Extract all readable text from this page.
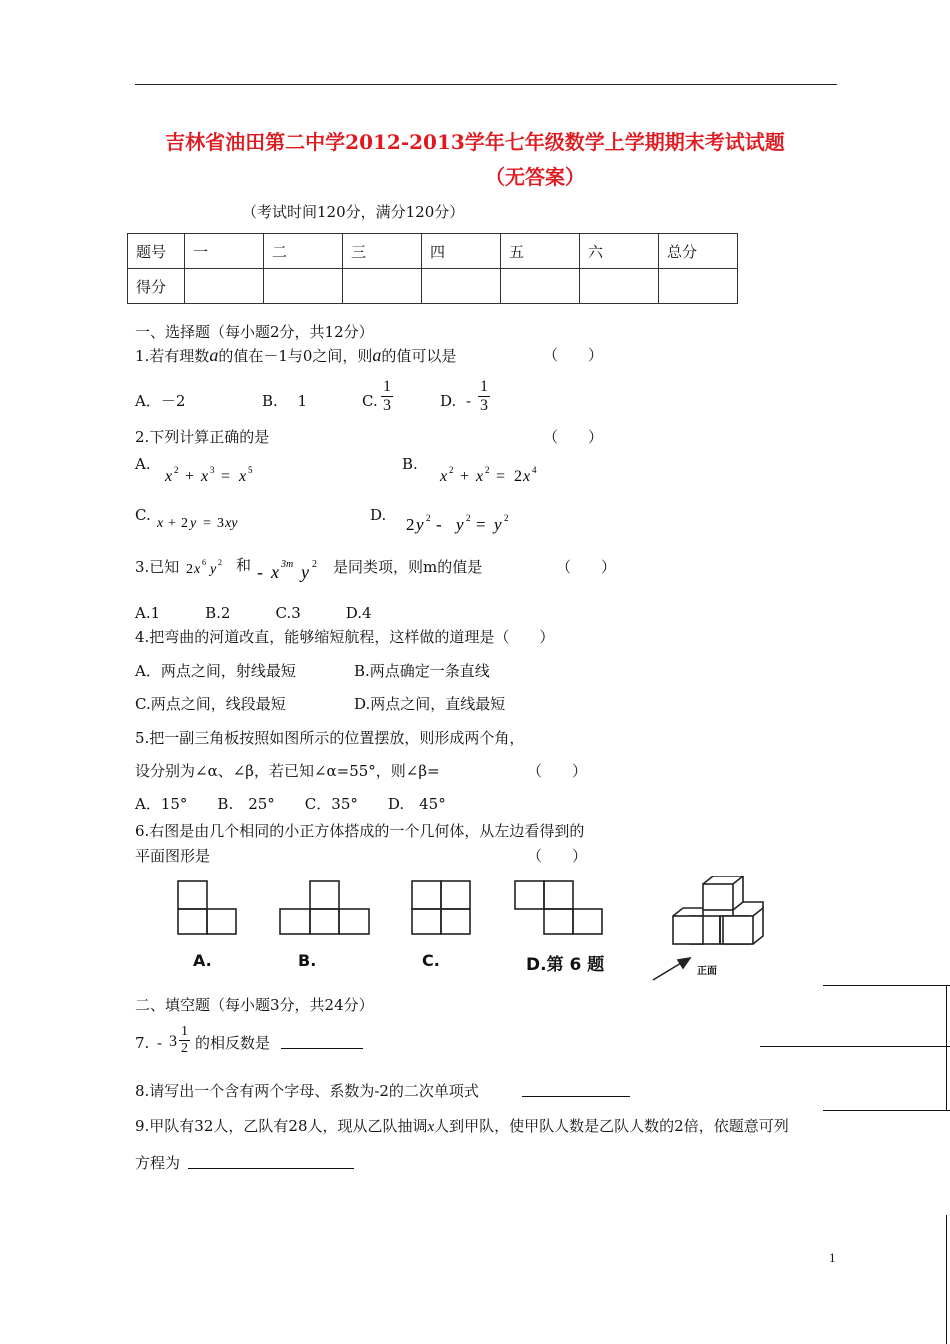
吉林省油田第二中学2012-2013学年七年级数学上学期期末考试试题
（无答案）
（考试时间120分，满分120分）
题号	一	二	三	四	五	六	总分
得分							
一、选择题（每小题2分，共12分）
1.若有理数a的值在－1与0之间，则a的值可以是	（　　）
A．－2	B.　 1	C. $\frac{1}{3}$	D. - $\frac{1}{3}$
2.下列计算正确的是	（　　）
A.
x 2 + x 3 = x 5	B.
x 2 + x 2 = 2 x 4
C. x + 2 y = 3 xy	D. 2 y 2 - y 2 = y 2
3.已知 2 x 6 y 2 和 - x 3m y 2 是同类项，则m的值是	（　　）
A.1　　　B.2　　　C.3　　　D.4
4.把弯曲的河道改直，能够缩短航程，这样做的道理是（　　）
A．两点之间，射线最短	B.两点确定一条直线
C.两点之间，线段最短	D.两点之间，直线最短
5.把一副三角板按照如图所示的位置摆放，则形成两个角，
设分别为∠α、∠β，若已知∠α=55°，则∠β=	（　　）
A．15°　　B.　25°　　C．35°　　D.　45°
6.右图是由几个相同的小正方体搭成的一个几何体，从左边看得到的
平面图形是	（　　）
A.	B.	C.	D.第 6 题	正面
二、填空题（每小题3分，共24分）
7. - $3 \frac{1}{2}$ 的相反数是
8.请写出一个含有两个字母、系数为-2的二次单项式
9.甲队有32人，乙队有28人，现从乙队抽调x人到甲队，使甲队人数是乙队人数的2倍，依题意可列
方程为
1
